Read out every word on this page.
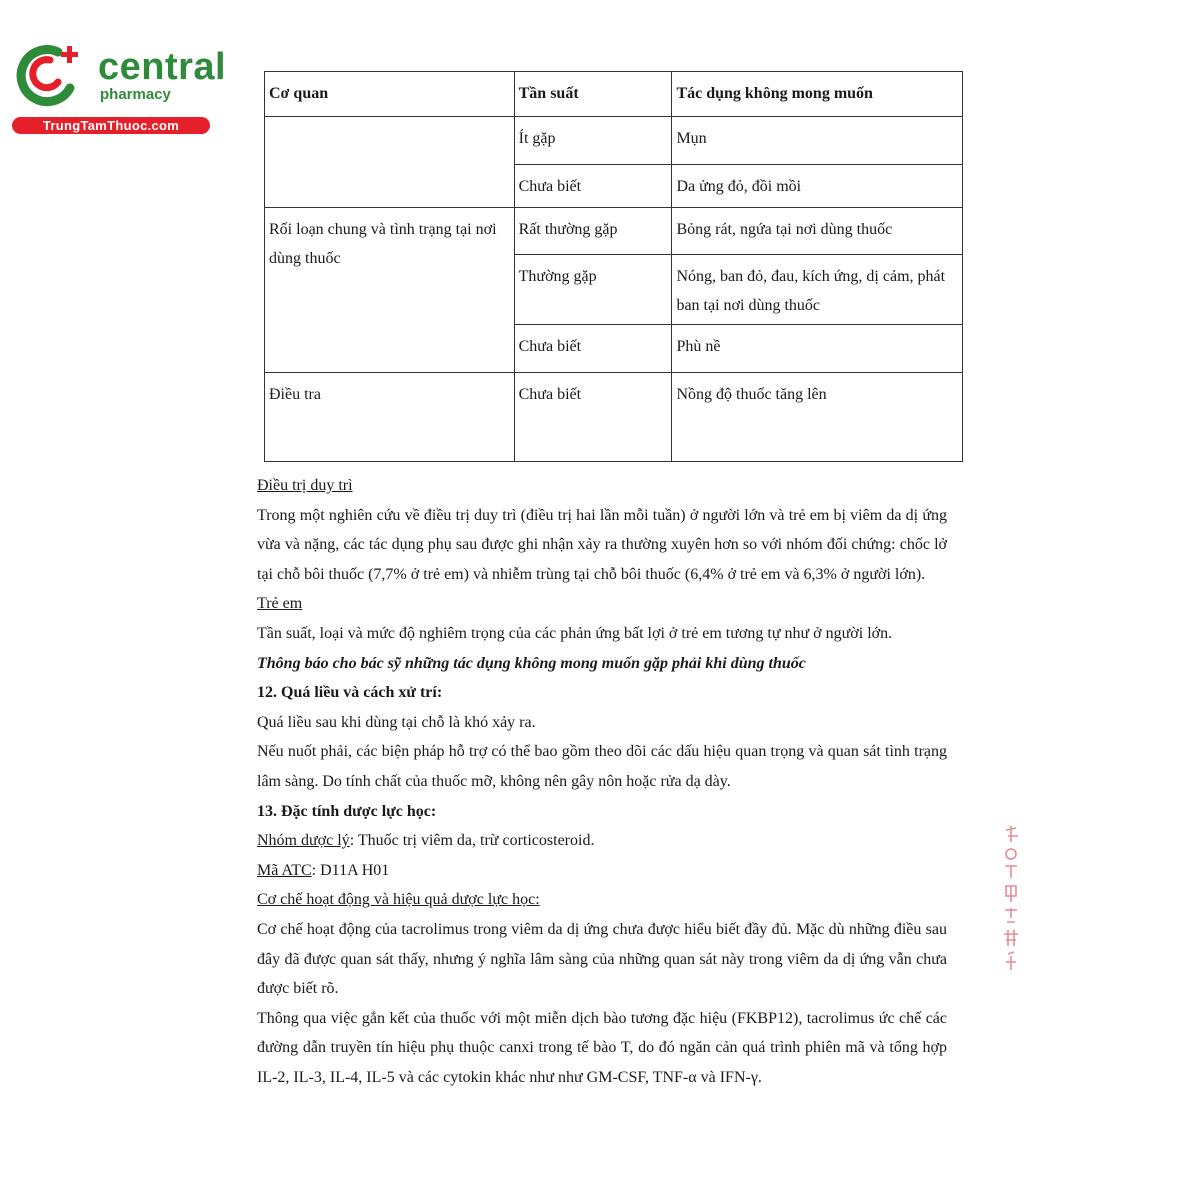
central
pharmacy
TrungTamThuoc.com
Cơ quan	Tần suất	Tác dụng không mong muốn
	Ít gặp	Mụn
	Chưa biết	Da ửng đỏ, đồi mồi
Rối loạn chung và tình trạng tại nơi dùng thuốc	Rất thường gặp	Bỏng rát, ngứa tại nơi dùng thuốc
	Thường gặp	Nóng, ban đỏ, đau, kích ứng, dị cảm, phát ban tại nơi dùng thuốc
	Chưa biết	Phù nề
Điều tra	Chưa biết	Nồng độ thuốc tăng lên

Điều trị duy trì

Trong một nghiên cứu về điều trị duy trì (điều trị hai lần mỗi tuần) ở người lớn và trẻ em bị viêm da dị ứng vừa và nặng, các tác dụng phụ sau được ghi nhận xảy ra thường xuyên hơn so với nhóm đối chứng: chốc lở tại chỗ bôi thuốc (7,7% ở trẻ em) và nhiễm trùng tại chỗ bôi thuốc (6,4% ở trẻ em và 6,3% ở người lớn).

Trẻ em

Tần suất, loại và mức độ nghiêm trọng của các phản ứng bất lợi ở trẻ em tương tự như ở người lớn.

Thông báo cho bác sỹ những tác dụng không mong muốn gặp phải khi dùng thuốc

12. Quá liều và cách xử trí:

Quá liều sau khi dùng tại chỗ là khó xảy ra.

Nếu nuốt phải, các biện pháp hỗ trợ có thể bao gồm theo dõi các dấu hiệu quan trọng và quan sát tình trạng lâm sàng. Do tính chất của thuốc mỡ, không nên gây nôn hoặc rửa dạ dày.

13. Đặc tính dược lực học:

Nhóm dược lý: Thuốc trị viêm da, trừ corticosteroid.

Mã ATC: D11A H01

Cơ chế hoạt động và hiệu quả dược lực học:

Cơ chế hoạt động của tacrolimus trong viêm da dị ứng chưa được hiểu biết đầy đủ. Mặc dù những điều sau đây đã được quan sát thấy, nhưng ý nghĩa lâm sàng của những quan sát này trong viêm da dị ứng vẫn chưa được biết rõ.

Thông qua việc gắn kết của thuốc với một miễn dịch bào tương đặc hiệu (FKBP12), tacrolimus ức chế các đường dẫn truyền tín hiệu phụ thuộc canxi trong tế bào T, do đó ngăn cản quá trình phiên mã và tổng hợp IL-2, IL-3, IL-4, IL-5 và các cytokin khác như như GM-CSF, TNF-α và IFN-γ.
